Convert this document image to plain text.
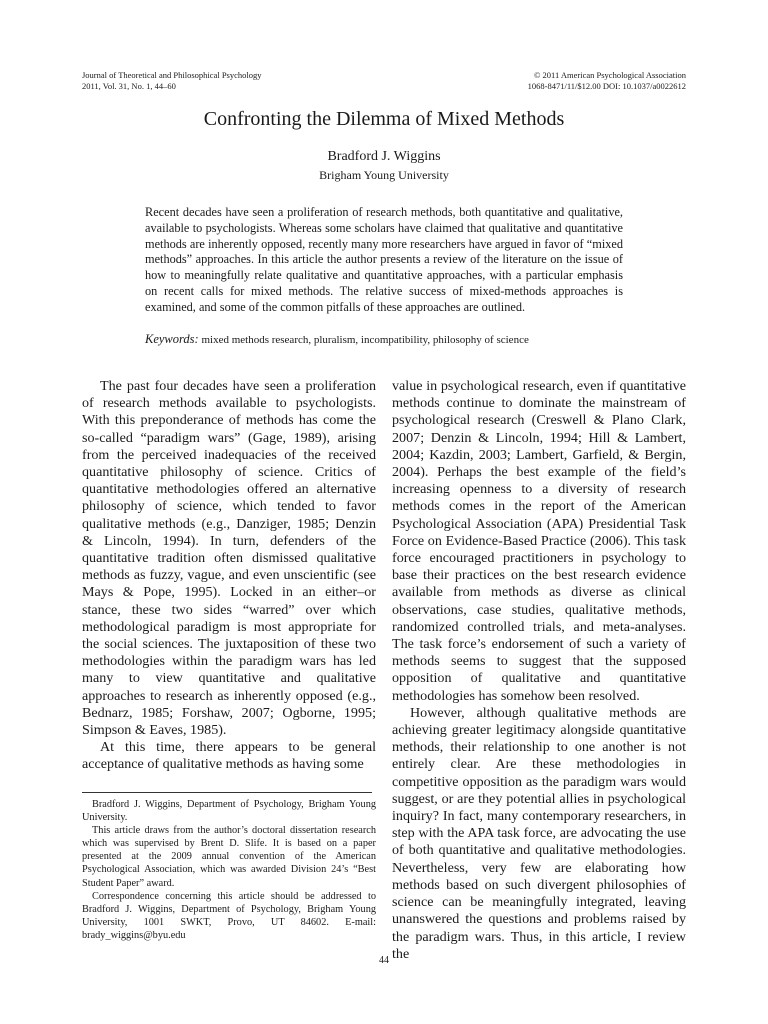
Journal of Theoretical and Philosophical Psychology
2011, Vol. 31, No. 1, 44–60
© 2011 American Psychological Association
1068-8471/11/$12.00 DOI: 10.1037/a0022612
Confronting the Dilemma of Mixed Methods
Bradford J. Wiggins
Brigham Young University
Recent decades have seen a proliferation of research methods, both quantitative and qualitative, available to psychologists. Whereas some scholars have claimed that qualitative and quantitative methods are inherently opposed, recently many more researchers have argued in favor of “mixed methods” approaches. In this article the author presents a review of the literature on the issue of how to meaningfully relate qualitative and quantitative approaches, with a particular emphasis on recent calls for mixed methods. The relative success of mixed-methods approaches is examined, and some of the common pitfalls of these approaches are outlined.
Keywords: mixed methods research, pluralism, incompatibility, philosophy of science

The past four decades have seen a proliferation of research methods available to psychologists. With this preponderance of methods has come the so-called “paradigm wars” (Gage, 1989), arising from the perceived inadequacies of the received quantitative philosophy of science. Critics of quantitative methodologies offered an alternative philosophy of science, which tended to favor qualitative methods (e.g., Danziger, 1985; Denzin & Lincoln, 1994). In turn, defenders of the quantitative tradition often dismissed qualitative methods as fuzzy, vague, and even unscientific (see Mays & Pope, 1995). Locked in an either–or stance, these two sides “warred” over which methodological paradigm is most appropriate for the social sciences. The juxtaposition of these two methodologies within the paradigm wars has led many to view quantitative and qualitative approaches to research as inherently opposed (e.g., Bednarz, 1985; Forshaw, 2007; Ogborne, 1995; Simpson & Eaves, 1985).

At this time, there appears to be general acceptance of qualitative methods as having some

value in psychological research, even if quantitative methods continue to dominate the mainstream of psychological research (Creswell & Plano Clark, 2007; Denzin & Lincoln, 1994; Hill & Lambert, 2004; Kazdin, 2003; Lambert, Garfield, & Bergin, 2004). Perhaps the best example of the field’s increasing openness to a diversity of research methods comes in the report of the American Psychological Association (APA) Presidential Task Force on Evidence-Based Practice (2006). This task force encouraged practitioners in psychology to base their practices on the best research evidence available from methods as diverse as clinical observations, case studies, qualitative methods, randomized controlled trials, and meta-analyses. The task force’s endorsement of such a variety of methods seems to suggest that the supposed opposition of qualitative and quantitative methodologies has somehow been resolved.

However, although qualitative methods are achieving greater legitimacy alongside quantitative methods, their relationship to one another is not entirely clear. Are these methodologies in competitive opposition as the paradigm wars would suggest, or are they potential allies in psychological inquiry? In fact, many contemporary researchers, in step with the APA task force, are advocating the use of both quantitative and qualitative methodologies. Nevertheless, very few are elaborating how methods based on such divergent philosophies of science can be meaningfully integrated, leaving unanswered the questions and problems raised by the paradigm wars. Thus, in this article, I review the

Bradford J. Wiggins, Department of Psychology, Brigham Young University.

This article draws from the author’s doctoral dissertation research which was supervised by Brent D. Slife. It is based on a paper presented at the 2009 annual convention of the American Psychological Association, which was awarded Division 24’s “Best Student Paper” award.

Correspondence concerning this article should be addressed to Bradford J. Wiggins, Department of Psychology, Brigham Young University, 1001 SWKT, Provo, UT 84602. E-mail: brady_wiggins@byu.edu

44
